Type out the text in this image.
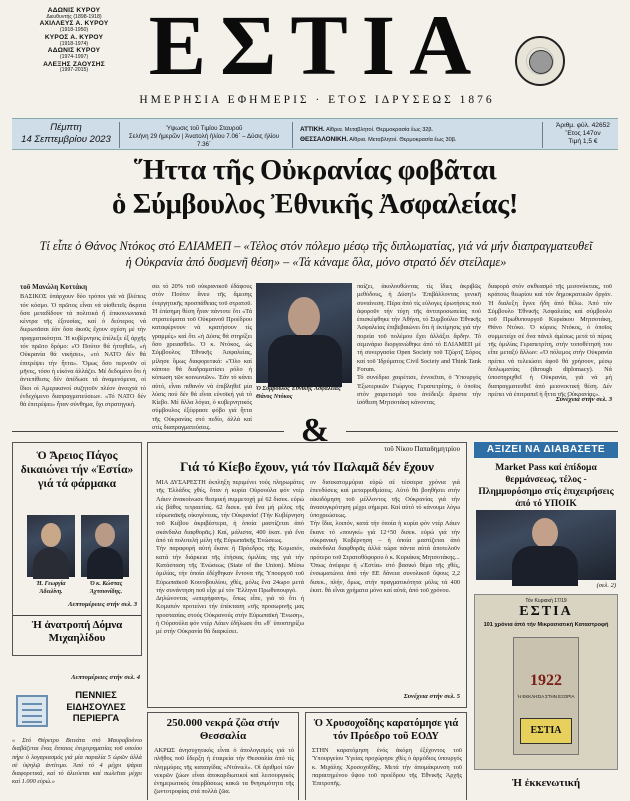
ΑΔΩΝΙΣ ΚΥΡΟΥ
Διευθυντής (1898-1918)
ΑΧΙΛΛΕΥΣ Α. ΚΥΡΟΥ
(1918-1950)
ΚΥΡΟΣ Α. ΚΥΡΟΥ
(1918-1974)
ΑΔΩΝΙΣ ΚΥΡΟΥ
(1974-1997)
ΑΛΕΞΗΣ ΖΑΟΥΣΗΣ
(1997-2015) ΕΣΤΙΑ
ΗΜΕΡΗΣΙΑ ΕΦΗΜΕΡΙΣ · ΕΤΟΣ ΙΔΡΥΣΕΩΣ 1876
Πέμπτη
14 Σεπτεμβρίου 2023
Ύψωσις τοῦ Τιμίου Σταυροῦ
Σελήνη 29 ἡμερῶν | Ἀνατολή ἡλίου 7.06΄ – Δύσις ἡλίου 7.36΄
ΑΤΤΙΚΗ. Αἴθρια. Μεταβλητοί. Θερμοκρασία ἕως 32β.
ΘΕΣΣΑΛΟΝΙΚΗ. Αἴθρια. Μεταβλητοί. Θερμοκρασία ἕως 30β.
Ἀριθμ. φύλ. 42652
Ἔτος 147ον
Τιμή 1,5 €
῞Ηττα τῆς Οὐκρανίας φοβᾶται
ὁ Σύμβουλος Ἐθνικῆς Ἀσφαλείας!
Τί εἶπε ὁ Θάνος Ντόκος στό ΕΛΙΑΜΕΠ – «Τέλος στόν πόλεμο μέσῳ τῆς διπλωματίας, γιά νά μήν διαπραγματευθεῖ ἡ Οὐκρανία ἀπό δυσμενῆ θέση» – «Τά κάναμε ὅλα, μόνο στρατό δέν στείλαμε»
τοῦ Μανώλη Κοττάκη
ΒΑΣΙΚΟΣ ὑπάρχουν δύο τρόποι γιά νά βλέπεις τόν κόσμο. Ὁ πρῶτος εἶναι νά υἱοθετεῖς ἄκριτα ὅσα μεταδίδουν τά πολιτικά ἤ ἐπικοινωνιακά κέντρα τῆς ἐξουσίας, καί ὁ δεύτερος νά διερωτᾶσαι ἐάν ὅσα ἀκοῦς ἔχουν σχέση μέ τήν πραγματικότητα. Ἡ κυβέρνησις ἐπέλεξε ἐξ ἀρχῆς τόν πρῶτο δρόμο: «Ὁ Πούτιν θά ἡττηθεῖ», «ἡ Οὐκρανία θά νικήσει», «τό ΝΑΤΟ δέν θά ἐπιτρέψει τήν ἧττα». Ὅμως ὅσο περνοῦν οἱ μῆνες, τόσο ἡ εἰκόνα ἀλλάζει. Μέ δεδομένο ὅτι ἡ ἀντεπίθεσις δέν ἀπέδωσε τά ἀναμενόμενα, οἱ ἴδιοι οἱ Ἀμερικανοί συζητοῦν πλέον ἀνοιχτά τό ἐνδεχόμενο διαπραγματεύσεων. «Τό ΝΑΤΟ δέν θά ἐπιτρέψει» ἦταν σύνθημα, ὄχι στρατηγική.
σει τό 20% τοῦ οὐκρανικοῦ ἐδάφους στόν Πούτιν ἄνευ τῆς ἄμεσης ἐνεργητικῆς προσπάθειας τοῦ στρατοῦ. Ἡ ἐπίσημη θέση ἦταν πάντοτε ὅτι «Τά στρατεύματα τοῦ Οὐκρανοῦ Προέδρου καταφέρνουν νά κρατήσουν τίς γραμμές» καί ὅτι «ἡ Δύσις θά στηρίξει ὅσο χρειασθεῖ». Ὁ κ. Ντόκος, ὡς Σύμβουλος Ἐθνικῆς Ἀσφαλείας, μίλησε ὅμως διαφορετικά: «Ὅλο καί κάποιο θά διαδραματίσει ρόλο ἡ κόπωση τῶν κοινωνιῶν». Ἐάν τό κάνει αὐτό, εἶναι πιθανόν νά ἐπιβληθεῖ μία λύσις πού δέν θά εἶναι εὐνοϊκή γιά τό Κίεβο. Μέ ἄλλα λόγια, ὁ κυβερνητικός σύμβουλος ἐξέφρασε φόβο γιά ἧττα τῆς Οὐκρανίας στό πεδίο, ἀλλά καί στίς διαπραγματεύσεις.
Ὁ Σύμβουλος Ἐθνικῆς Ἀσφαλείας Θάνος Ντόκος
παίζει, ἀκολουθώντας τίς ἴδιες ἀκριβῶς μεθόδους, ἡ Δύση!» Ἐπιβάλλοντας γενικῆ συναίνεση. Πέρα ἀπό τίς εὐλογες ἐρωτήσεις πού ἀφοροῦν τήν τύχη τῆς ἀντιπροσωπείας πού ἐπισκέφθηκε τήν Ἀθήνα, τό Συμβούλιο Ἐθνικῆς Ἀσφαλείας ἐπιβεβαιώνει ὅτι ἡ ἐκτίμησις γιά τήν πορεία τοῦ πολέμου ἔχει ἀλλάξει ἄρδην. Τό σεμινάριο διοργανώθηκε ἀπό τό ΕΛΙΑΜΕΠ μέ τή συνεργασία Open Society τοῦ Τζώρτζ Σόρος καί τοῦ Ἱδρύματος Civil Society and Think Tank Forum.
Τό συνέδριο χαιρέτισε, ἐννοεῖται, ὁ Ὑπουργός Ἐξωτερικῶν Γιώργος Γεραπετρίτης, ὁ ὁποῖος στόν χαιρετισμό του ἀνέδειξε ἄριστα τήν ἰσόθεση Μητσοτάκη κάνοντας
διαφορά στόν σκθεασμό τῆς μεσονύκτιας, τοῦ κράτους θεωρίου καί τόν δημοκρατικῶν ὄργάν. Ἡ διαλεξη ἔγινε ἤδη ἀπό θέλω. Ἀπό τόν Σύμβουλο Ἐθνικῆς Ἀσφαλείας καί σύμβουλο τοῦ Πρωθυπουργοῦ Κυριάκου Μητσοτάκη, Θάνο Ντόκο. Ὁ κύριος Ντόκος, ὁ ὁποῖος συμμετείχε σέ ὅνα πάνελ ἀμέσως μετά τό πέρας τῆς ὁμιλίας Γεραπετρίτη, στήν τοποθέτησή του εἶπε μεταξύ ἄλλων: «Ὁ πόλεμος στήν Οὐκρανία πρέπει νά τελειώσει ἀφοῦ θά χρήσουν, μέσῳ διπλωματίας (through diplomacy). Νά ὑποστηριχθεῖ ἡ Οὐκρανία, γιά νά μή διαπραγματευθεῖ ἀπό μειονεκτική θέση. Δέν πρέπει νά ἐπιτραπεῖ ἡ ἧττα τῆς Οὐκρανίας».
Συνέχεια στήν σελ. 3
&
Ὁ Ἄρειος Πάγος δικαιώνει τήν «Ἑστία» γιά τά φάρμακα
Ἡ. Γεωργία Ἀδειλίνη.
Ὁ κ. Κώστας Ἀχτσιονίδης.
Λεπτομέρειες στήν σελ. 3
Ἡ ἀνατροπή Δόμνα Μιχαηλίδου
Λεπτομέρειες στήν σελ. 4
ΠΕΝΝΙΕΣ ΕΙΔΗΣΟΥΛΕΣ ΠΕΡΙΕΡΓΑ
« Στό Θέρετρο Βιτεάτα στό Μαυροβούνιο διαβάζεται ἕνας ἔπταιος ἐπιχειρηματίας τοῦ οποίου πήρε ὁ λογαριασμός γιά μία παραλία 5 ὡρῶν ἀλλά σὲ ὑψηλῷ ἀντίτιμο. Ἀπό τό 4 μέχρι ψάρια διαφορετικά, καί τό ἀλιεύεται καί πωλεῖται μέχρι καί 1.000 εὐρώ.»
τοῦ Νίκου Παπαδημητρίου
Γιά τό Κίεβο ἔχουν, γιά τόν Παλαμᾶ δέν ἔχουν
ΜΙΑ ΔΥΣΑΡΕΣΤΗ ἐκπληξη περιμένει τούς πληρωμάτες τῆς Ἑλλάδος χθές, ὅταν ἡ κυρία Οὐρσούλα φόν ντέρ Λάιεν ἀνακοίνωσε θεσμική συμμετοχή μέ 62 δισεκ. εὐρώ εἰς βάθος τετραετίας. 62 δισεκ. γιά ἕνα μή μέλος τῆς εὐρωπαϊκῆς οἰκογένειας, τήν Οὐκρανία! (Τήν Κυβέρνηση τοῦ Κιέβου ἀκριβέστερα, ἡ ὁποία μαστίζεται ἀπό σκάνδαλα διαφθορᾶς.) Καί, μάλιστα, 400 ἑκατ. γιά ἕνα ἀπό τά πολυτελή μέλη τῆς Εὐρωπαϊκῆς Ἐνώσεως.
Τήν παραφορή αὐτή ἔκανε ἡ Πρόεδρος τῆς Κομισιόν, κατά τήν διάρκεια τῆς ἐτήσιας ὁμιλίας της γιά τήν Κατάσταση τῆς Ἐνώσεως (State of the Union). Μέσω ὁμιλίας, τήν ὁποία ἐδέχθηκαν ἔντονα τῆς Ὑπουργοῦ τοῦ Εὐρωπαϊκοῦ Κοινοβουλίου, χθές, μόλις ἕνα 24ωρο μετά τήν συνάντηση ποῦ εἶχε μέ τόν Ἕλληνα Πρωθυπουργό.
Δηλώνοντας «υπερήφανη», ὅπως εἶπε, γιά τό ὅτι ἡ Κομισιόν προτείνει τήν ἐπέκταση «τῆς προσωρινῆς μας προστασίας στούς Οὐκρανούς στήν Εὐρωπαϊκή Ἕνωση», ἡ Οὐρσούλα φόν ντέρ Λάιεν ἐδήλωσε ὅτι «θ᾿ ὑποστηρίξω μέ στήν Οὐκρανία θά διαρκέσει.
ον δισεκατομμύρια εὐρώ σέ τέσσερα χρόνια γιά ἐπενδύσεις καί μεταρρυθμίσεις. Αὐτό θά βοηθήσει στήν οἰκοδόμηση τοῦ μέλλοντος τῆς Οὐκρανίας γιά τήν ἀνασυγκρότηση μέχρι σήμερα. Καί αὐτό τό κάνουμε λόγω ὑποχρεώσεως.
Τήν ἴδια, λοιπόν, κατά τήν ὁποία ἡ κυρία φόν ντέρ Λάιεν ἔκανε τό «πουγκί» γιά 12+50 δισεκ. εὐρώ γιά τήν οὐκρανική Κυβέρνηση – ἡ ὁποία μαστίζεται ἀπό σκάνδαλα διαφθορᾶς ἀλλά τώρα πάντα αὐτά ἀποτελοῦν πρότερο τοῦ Στρατοθόφορου ὁ κ. Κυριάκος Μητσοτάκης...
Ὅπως ἀνέφερε ἡ «Ἑστία» στό βασικό θέμα τῆς χθές, ἐνσωματώνει ἀπό τήν ΕΕ δάνεια συνολικοῦ ὕψους 2,2 δισεκ., πλήν, ὅμως, στήν πραγματικότητα μόλις τά 400 ἑκατ. θά εἶναι χρήματα μόνο καί αὐτά, ἀπό τοῦ χρόνου.
Συνέχεια στήν σελ. 5
ΑΞΙΖΕΙ ΝΑ ΔΙΑΒΑΣΕΤΕ
Market Pass καί ἐπίδομα θερμάνσεως, τέλος - Πλημμυρόσημο στίς ἐπιχειρήσεις ἀπό τό ΥΠΟΙΚ
(σελ. 2)
Τόν Κυριακή 17/19
ΕΣΤΙΑ
101 χρόνια ἀπό τήν Μικρασιατική Καταστροφή
1922
Ἡ ΕΚΚΛΗΣΙΑ ΣΤΗΝ ΕΞΟΡΙΑ
ΕΣΤΙΑ
250.000 νεκρά ζῶα στήν Θεσσαλία
ΑΚΡΩΣ ἀνησυχητικός εἶναι ὁ ἀπολογισμός γιά τό πλῆθος ποῦ ἔδερξη ἡ ἐταιρεία τήν Θεσσαλία ἀπό τίς πλημμύρες τῆς καταιγίδας «Ντάνιελ». Οἱ ἀριθμοί τῶν νεκρῶν ζώων εἶναι ἀποκαρδιωτικοί καί λειτουργικός ἐνημερωτικός ὑπερβάσεως κακῶ τα θνησιμότητα τῆς ζωντοτροφίας στά πολλά ζῶα.
Ὁ Χρυσοχοΐδης καρατόμησε γιά τόν Πρόεδρο τοῦ ΕΟΔΥ
ΣΤΗΝ καρατόμηση ἑνός ἀκόμη ἐξέχοντος τοῦ Ὑπουργείου Ὑγείας προχώρησε χθές ὁ ἁρμόδιος ὑπουργός κ. Μιχάλης Χρυσοχοΐδης. Μετά τήν ἀπομάκρυνση τοῦ παραιτημένου ὕψου τοῦ προέδρου τῆς Ἐθνικῆς Ἀρχῆς Ἐπιτροπῆς.	Ἡ ἐκκενωτική
